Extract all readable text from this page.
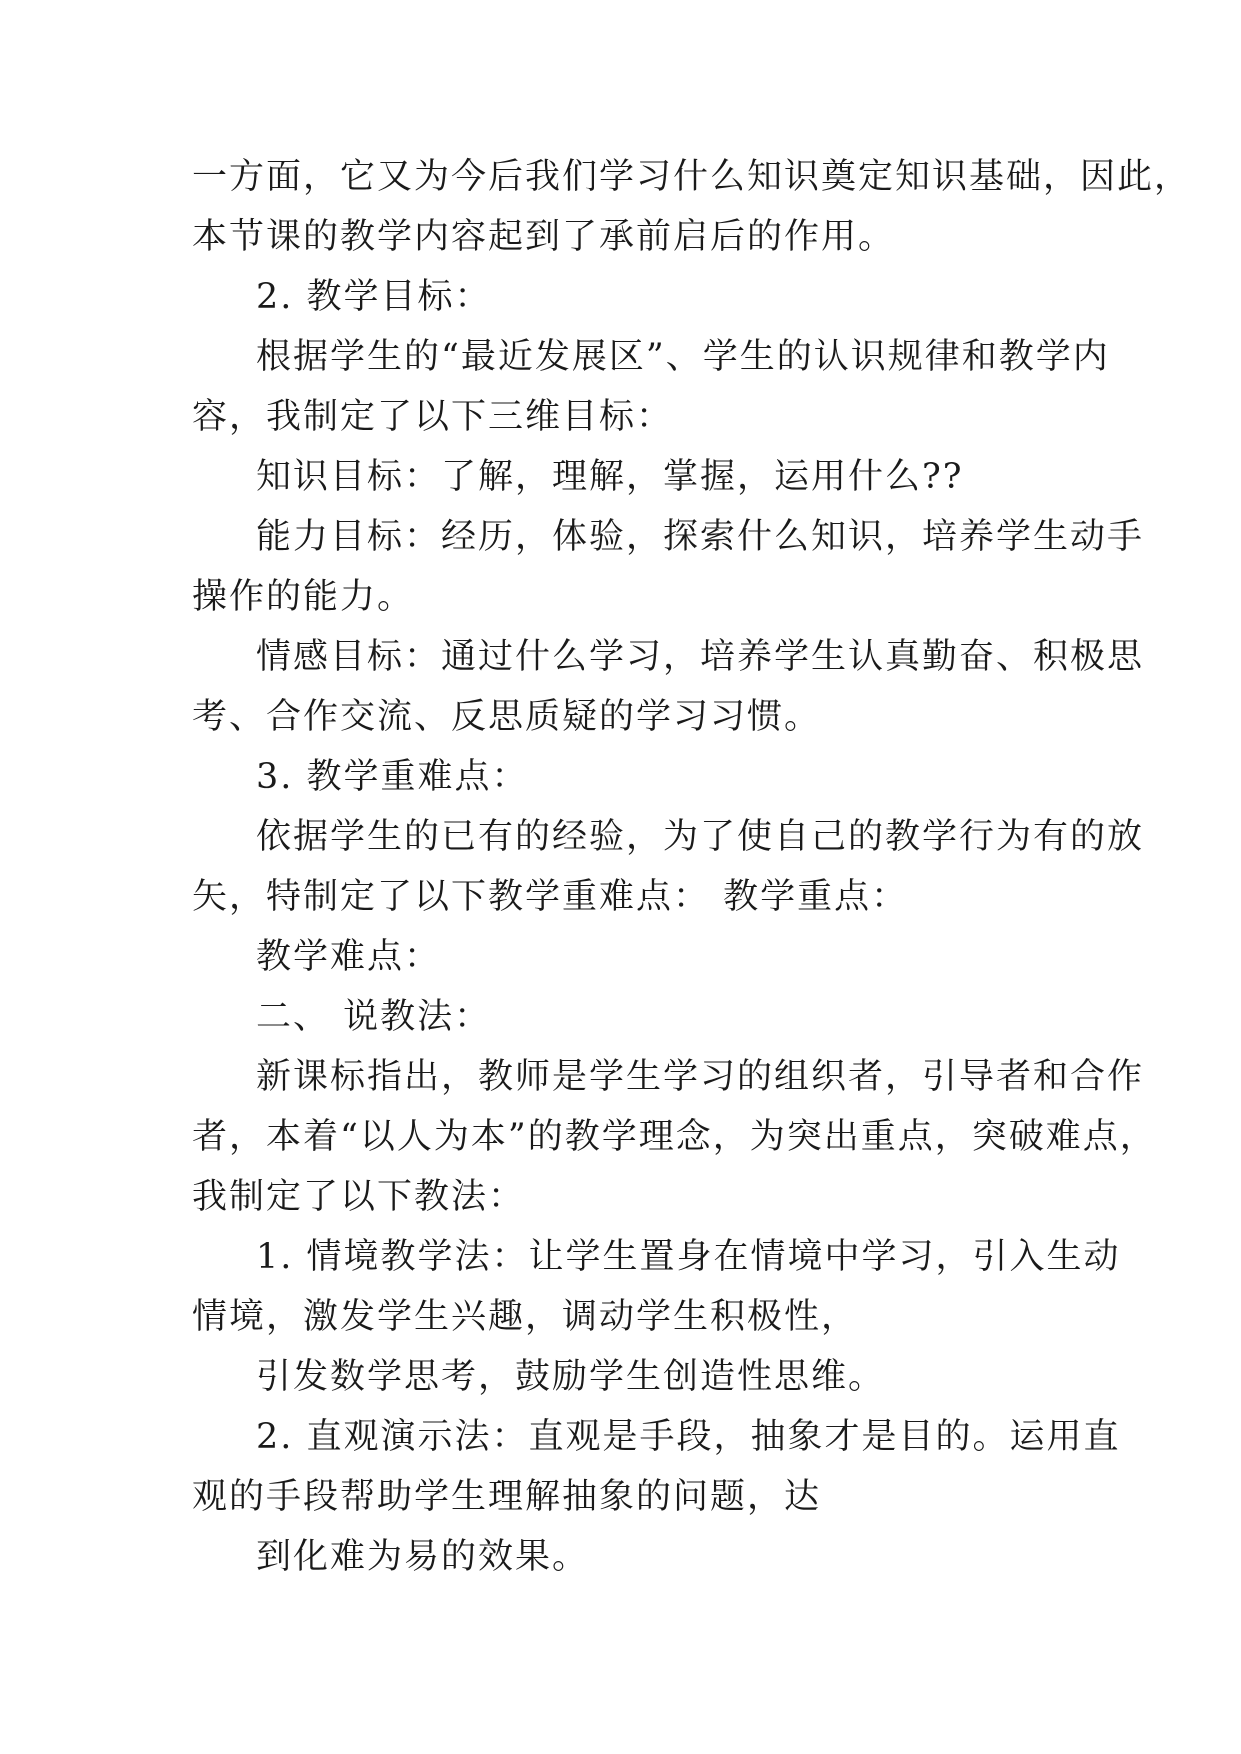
一方面，它又为今后我们学习什么知识奠定知识基础，因此，
本节课的教学内容起到了承前启后的作用。
2. 教学目标：
根据学生的“最近发展区”、学生的认识规律和教学内
容，我制定了以下三维目标：
知识目标：了解，理解，掌握，运用什么??
能力目标：经历，体验，探索什么知识，培养学生动手
操作的能力。
情感目标：通过什么学习，培养学生认真勤奋、积极思
考、合作交流、反思质疑的学习习惯。
3. 教学重难点：
依据学生的已有的经验，为了使自己的教学行为有的放
矢，特制定了以下教学重难点： 教学重点：
教学难点：
二、 说教法：
新课标指出，教师是学生学习的组织者，引导者和合作
者，本着“以人为本”的教学理念，为突出重点，突破难点，
我制定了以下教法：
1. 情境教学法：让学生置身在情境中学习，引入生动
情境，激发学生兴趣，调动学生积极性，
引发数学思考，鼓励学生创造性思维。
2. 直观演示法：直观是手段，抽象才是目的。运用直
观的手段帮助学生理解抽象的问题，达
到化难为易的效果。
